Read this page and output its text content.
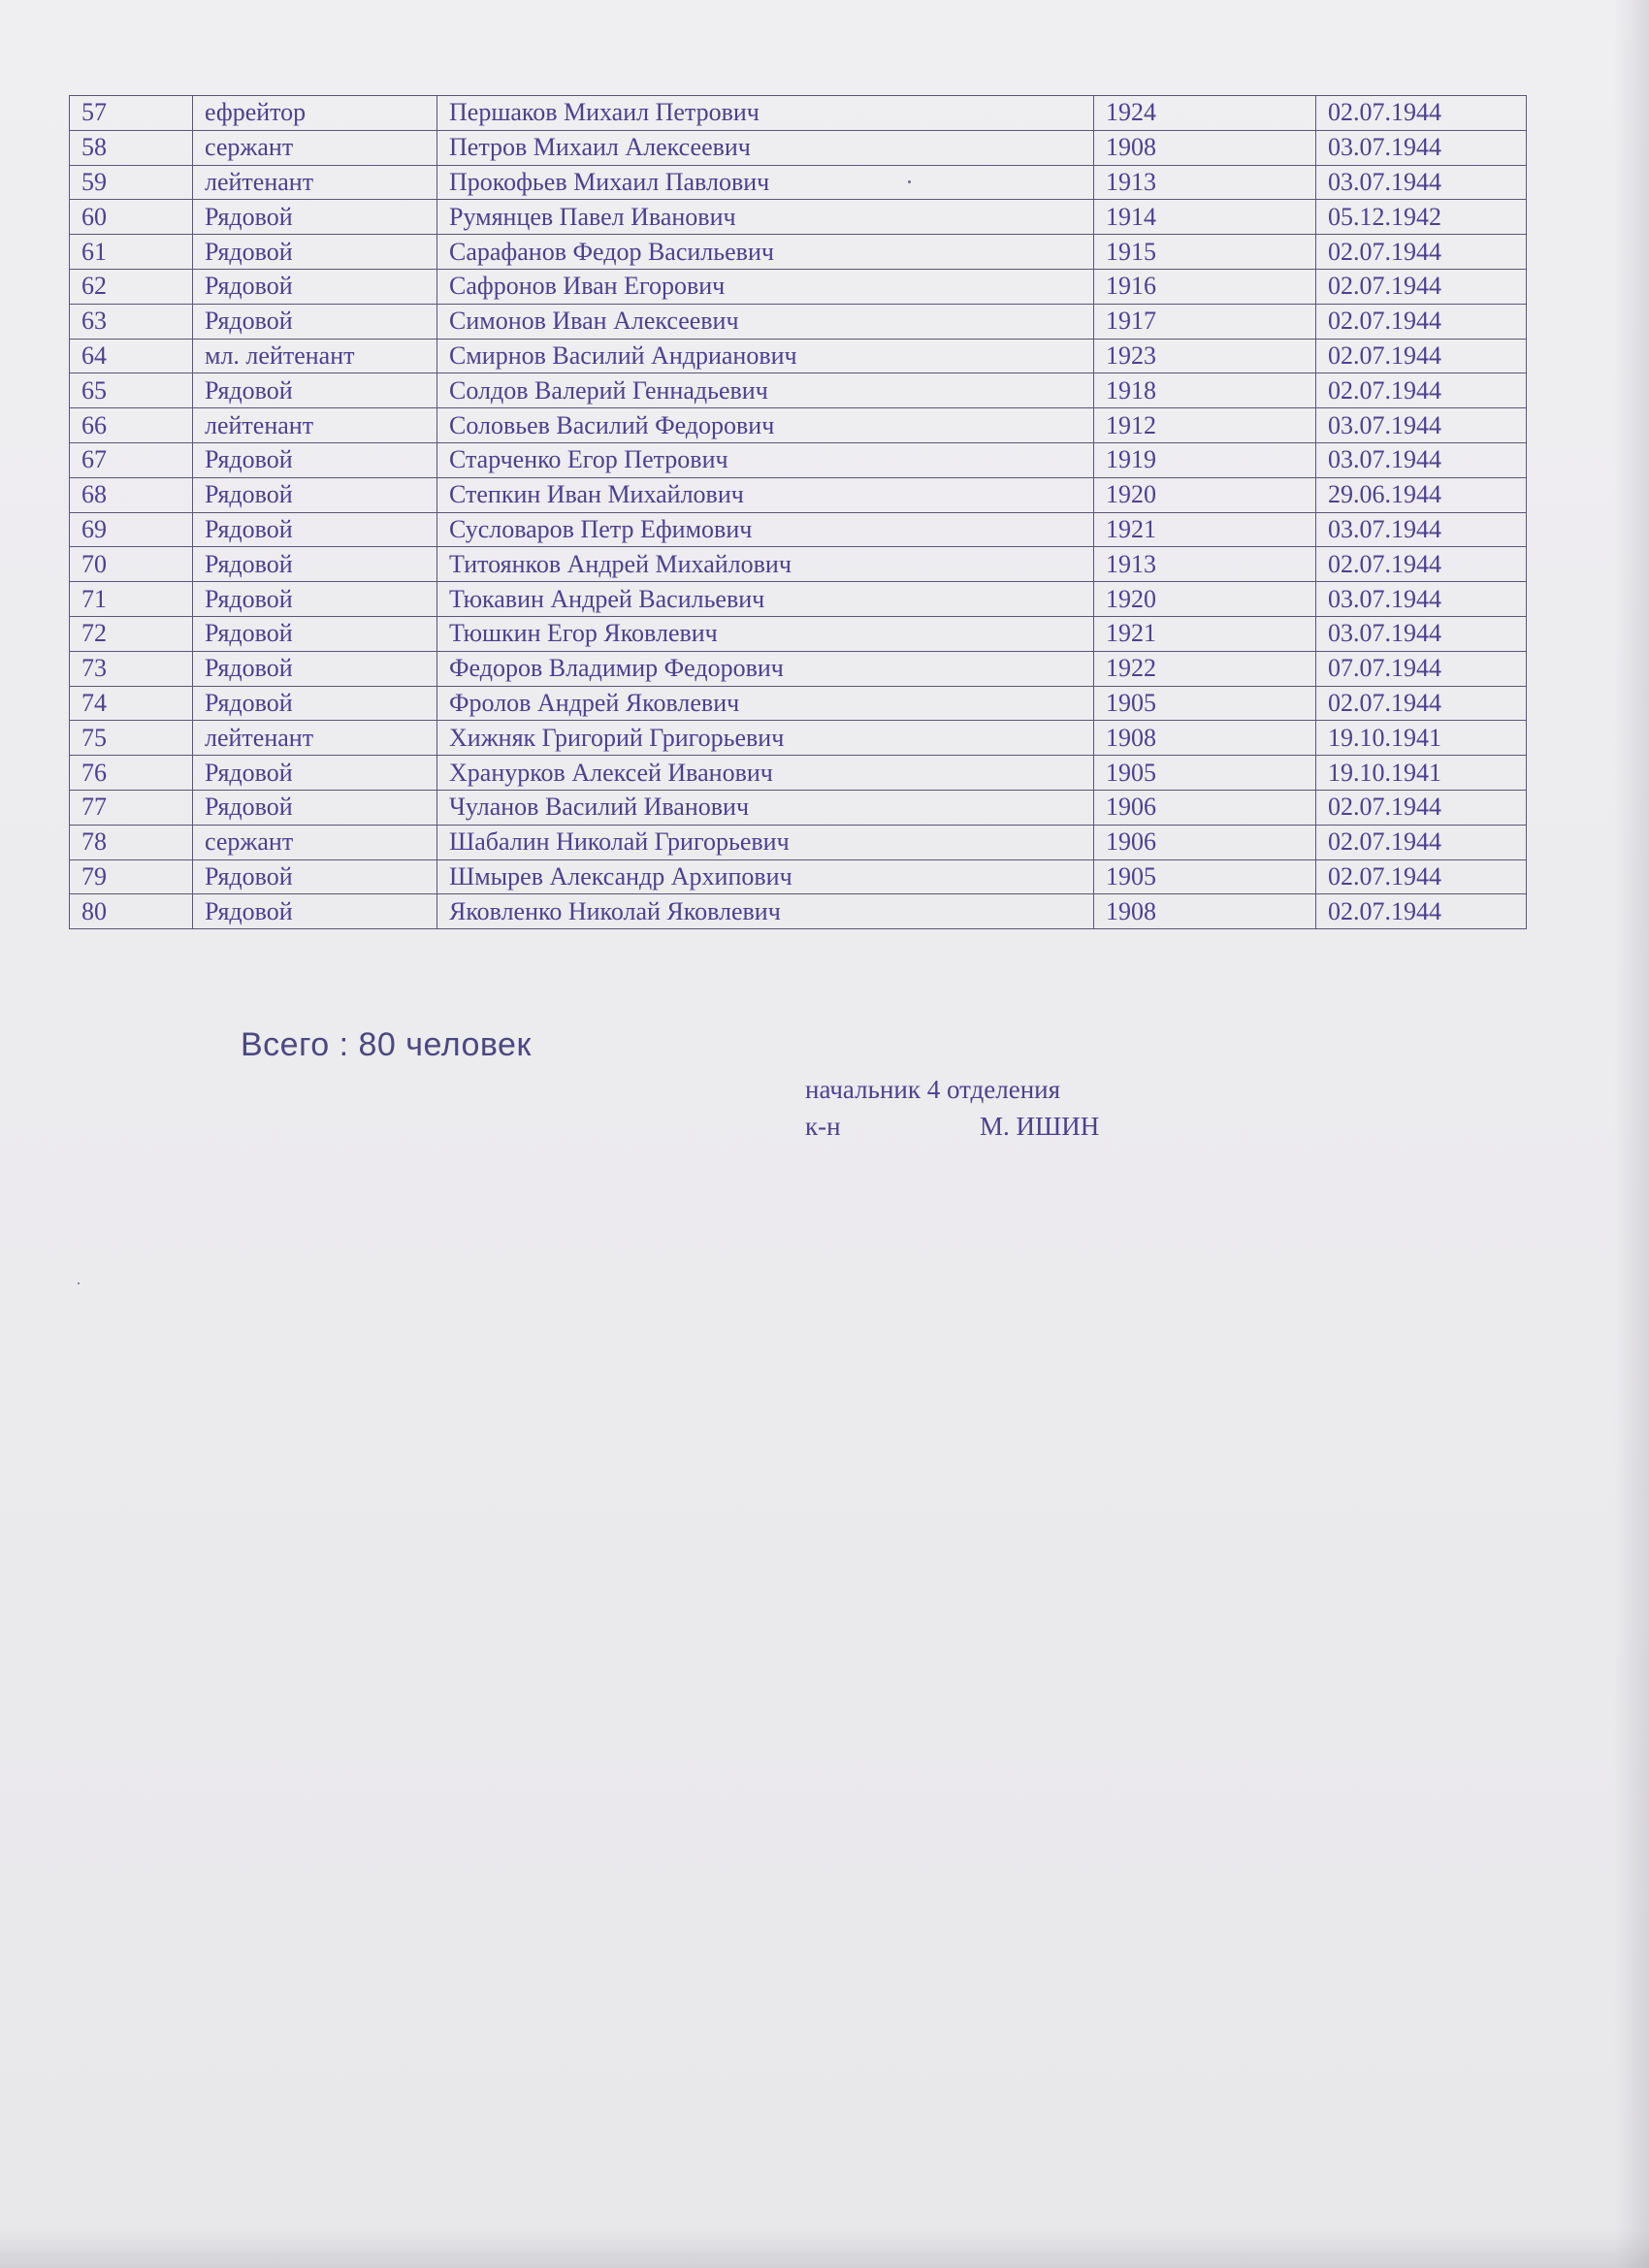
57	ефрейтор	Першаков Михаил Петрович	1924	02.07.1944
58	сержант	Петров Михаил Алексеевич	1908	03.07.1944
59	лейтенант	Прокофьев Михаил Павлович	1913	03.07.1944
60	Рядовой	Румянцев Павел Иванович	1914	05.12.1942
61	Рядовой	Сарафанов Федор Васильевич	1915	02.07.1944
62	Рядовой	Сафронов Иван Егорович	1916	02.07.1944
63	Рядовой	Симонов Иван Алексеевич	1917	02.07.1944
64	мл. лейтенант	Смирнов Василий Андрианович	1923	02.07.1944
65	Рядовой	Солдов Валерий Геннадьевич	1918	02.07.1944
66	лейтенант	Соловьев Василий Федорович	1912	03.07.1944
67	Рядовой	Старченко Егор Петрович	1919	03.07.1944
68	Рядовой	Степкин Иван Михайлович	1920	29.06.1944
69	Рядовой	Сусловаров Петр Ефимович	1921	03.07.1944
70	Рядовой	Титоянков Андрей Михайлович	1913	02.07.1944
71	Рядовой	Тюкавин Андрей Васильевич	1920	03.07.1944
72	Рядовой	Тюшкин Егор Яковлевич	1921	03.07.1944
73	Рядовой	Федоров Владимир Федорович	1922	07.07.1944
74	Рядовой	Фролов Андрей Яковлевич	1905	02.07.1944
75	лейтенант	Хижняк Григорий Григорьевич	1908	19.10.1941
76	Рядовой	Хранурков Алексей Иванович	1905	19.10.1941
77	Рядовой	Чуланов Василий Иванович	1906	02.07.1944
78	сержант	Шабалин Николай Григорьевич	1906	02.07.1944
79	Рядовой	Шмырев Александр Архипович	1905	02.07.1944
80	Рядовой	Яковленко Николай Яковлевич	1908	02.07.1944
Всего : 80 человек
начальник 4 отделения
к-н	М. ИШИН
